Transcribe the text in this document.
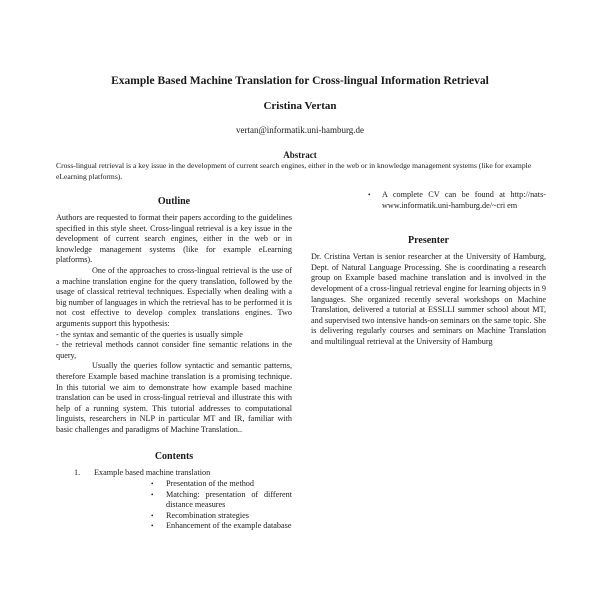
Example Based Machine Translation for Cross-lingual Information Retrieval
Cristina Vertan
vertan@informatik.uni-hamburg.de
Abstract
Cross-lingual retrieval is a key issue in the development of current search engines, either in the web or in knowledge management systems (like for example eLearning platforms).
Outline

Authors are requested to format their papers according to the guidelines specified in this style sheet. Cross-lingual retrieval is a key issue in the development of current search engines, either in the web or in knowledge management systems (like for example eLearning platforms).

One of the approaches to cross-lingual retrieval is the use of a machine translation engine for the query translation, followed by the usage of classical retrieval techniques. Especially when dealing with a big number of languages in which the retrieval has to be performed it is not cost effective to develop complex translations engines. Two arguments support this hypothesis:

- the syntax and semantic of the queries is usually simple

- the retrieval methods cannot consider fine semantic relations in the query,

Usually the queries follow syntactic and semantic patterns, therefore Example based machine translation is a promising technique. In this tutorial we aim to demonstrate how example based machine translation can be used in cross-lingual retrieval and illustrate this with help of a running system. This tutorial addresses to computational linguists, researchers in NLP in particular MT and IR, familiar with basic challenges and paradigms of Machine Translation..

Contents
1. Example based machine translation
• Presentation of the method
• Matching: presentation of different distance measures
• Recombination strategies
• Enhancement of the example database
• A complete CV can be found at http://nats-www.informatik.uni-hamburg.de/~cri em
Presenter

Dr. Cristina Vertan is senior researcher at the University of Hamburg, Dept. of Natural Language Processing. She is coordinating a research group on Example based machine translation and is involved in the development of a cross-lingual retrieval engine for learning objects in 9 languages. She organized recently several workshops on Machine Translation, delivered a tutorial at ESSLLI summer school about MT, and supervised two intensive hands-on seminars on the same topic. She is delivering regularly courses and seminars on Machine Translation and multilingual retrieval at the University of Hamburg
